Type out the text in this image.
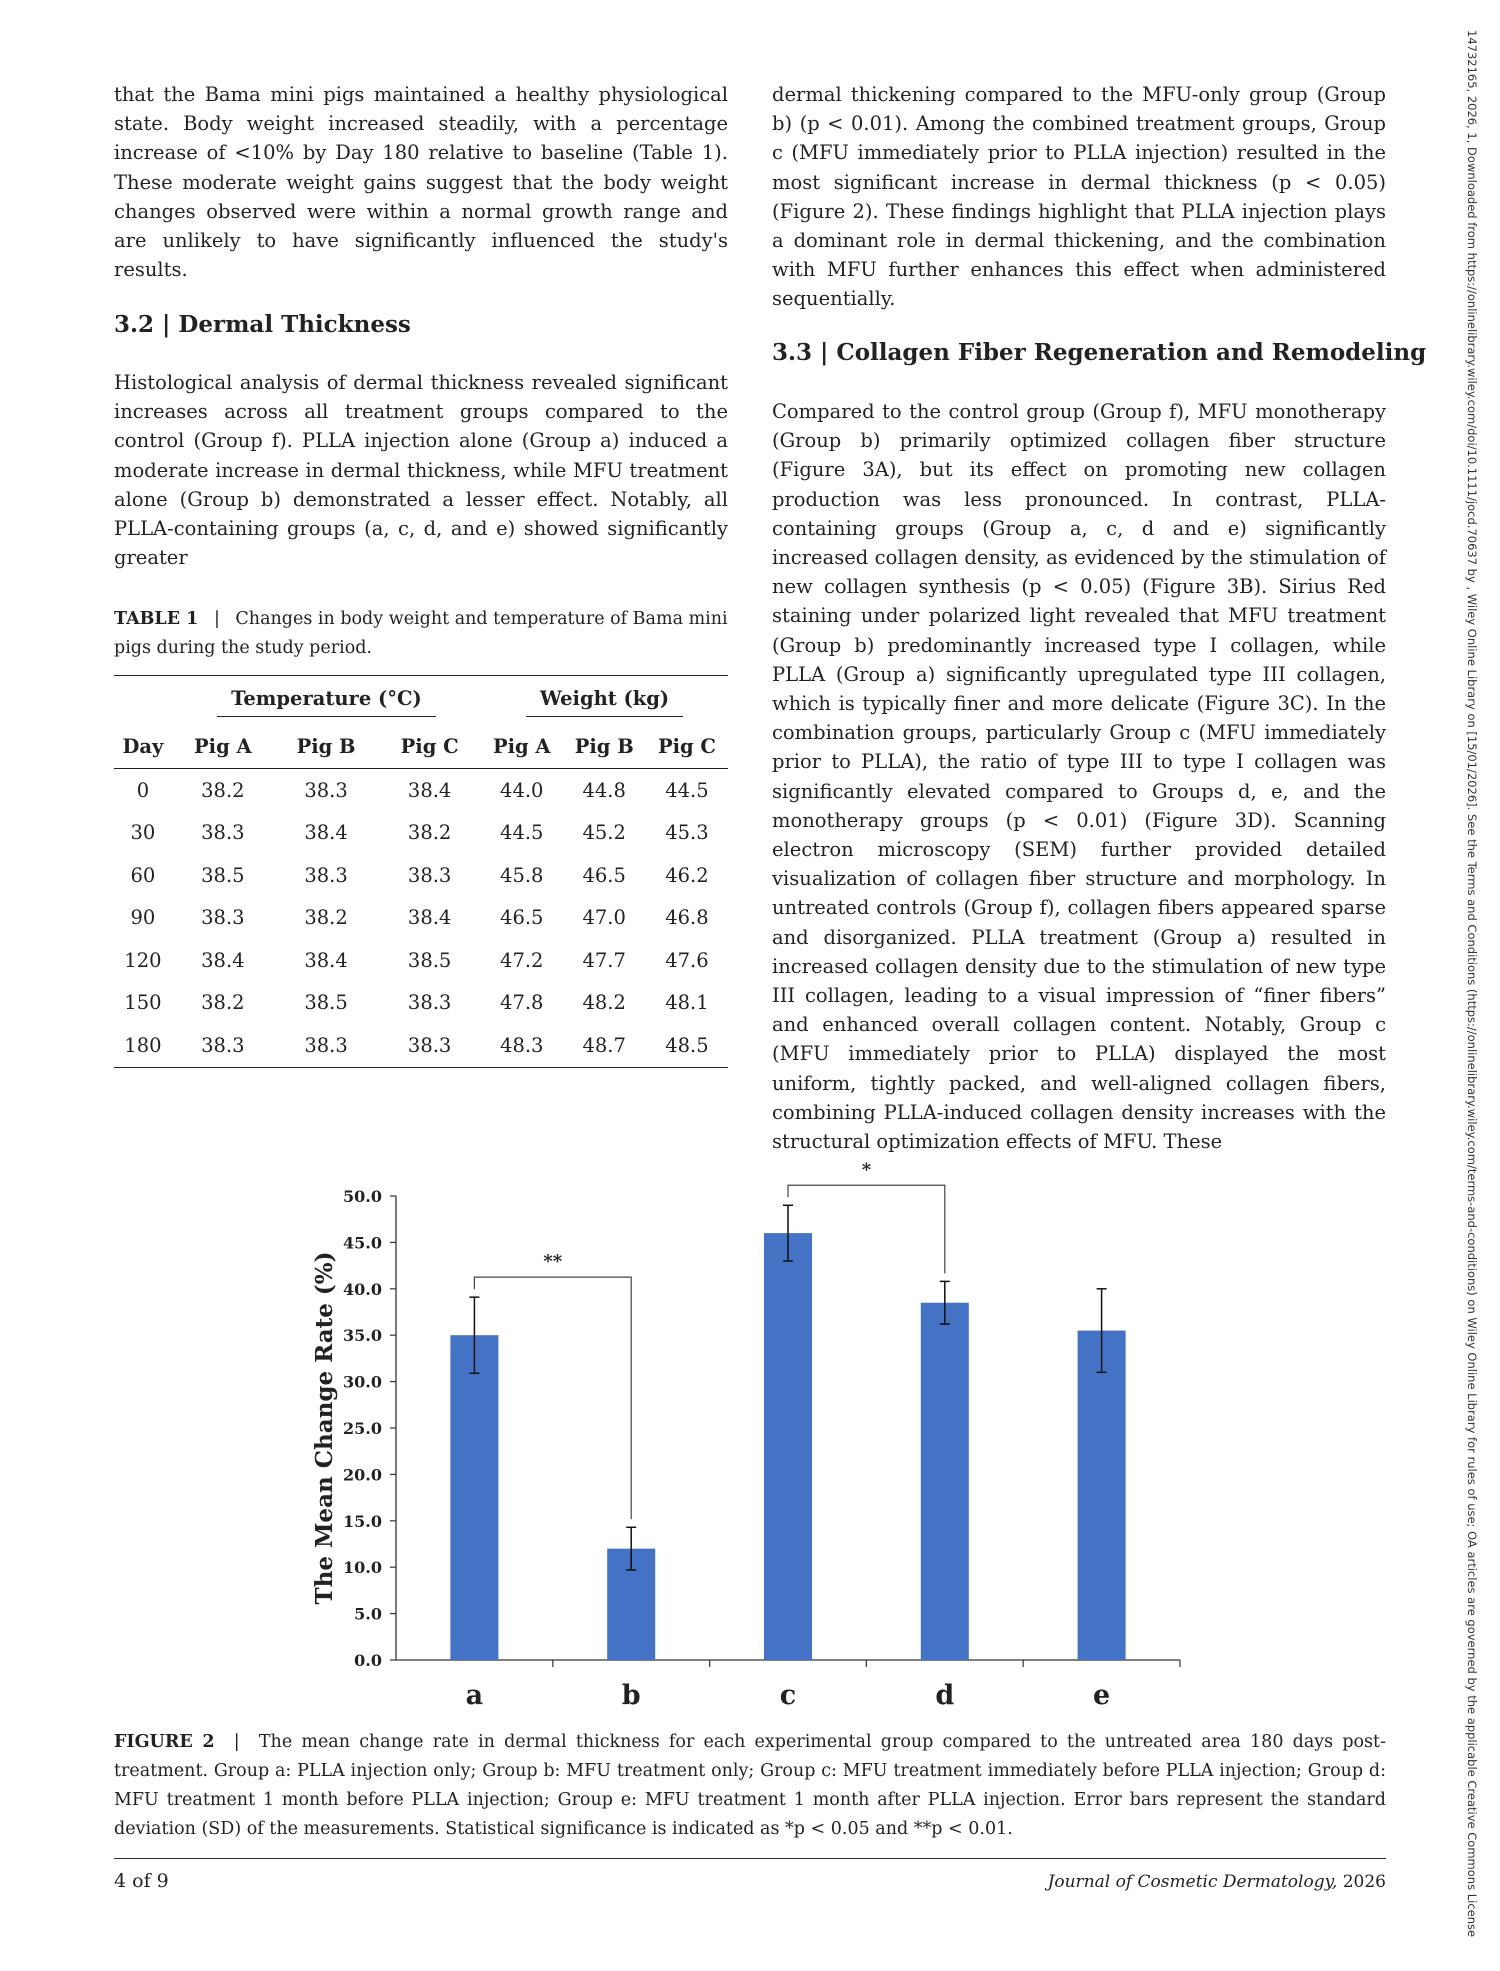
14732165, 2026, 1, Downloaded from https://onlinelibrary.wiley.com/doi/10.1111/jocd.70637 by , Wiley Online Library on [15/01/2026]. See the Terms and Conditions (https://onlinelibrary.wiley.com/terms-and-conditions) on Wiley Online Library for rules of use; OA articles are governed by the applicable Creative Commons License

that the Bama mini pigs maintained a healthy physiological state. Body weight increased steadily, with a percentage increase of <10% by Day 180 relative to baseline (Table 1). These moderate weight gains suggest that the body weight changes observed were within a normal growth range and are unlikely to have significantly influenced the study's results.

3.2 | Dermal Thickness

Histological analysis of dermal thickness revealed significant increases across all treatment groups compared to the control (Group f). PLLA injection alone (Group a) induced a moderate increase in dermal thickness, while MFU treatment alone (Group b) demonstrated a lesser effect. Notably, all PLLA-containing groups (a, c, d, and e) showed significantly greater

TABLE 1 | Changes in body weight and temperature of Bama mini pigs during the study period.
	Temperature (°C)			Weight (kg)		
Day	Pig A	Pig B	Pig C	Pig A	Pig B	Pig C
0	38.2	38.3	38.4	44.0	44.8	44.5
30	38.3	38.4	38.2	44.5	45.2	45.3
60	38.5	38.3	38.3	45.8	46.5	46.2
90	38.3	38.2	38.4	46.5	47.0	46.8
120	38.4	38.4	38.5	47.2	47.7	47.6
150	38.2	38.5	38.3	47.8	48.2	48.1
180	38.3	38.3	38.3	48.3	48.7	48.5

dermal thickening compared to the MFU-only group (Group b) (p < 0.01). Among the combined treatment groups, Group c (MFU immediately prior to PLLA injection) resulted in the most significant increase in dermal thickness (p < 0.05) (Figure 2). These findings highlight that PLLA injection plays a dominant role in dermal thickening, and the combination with MFU further enhances this effect when administered sequentially.

3.3 | Collagen Fiber Regeneration and Remodeling

Compared to the control group (Group f), MFU monotherapy (Group b) primarily optimized collagen fiber structure (Figure 3A), but its effect on promoting new collagen production was less pronounced. In contrast, PLLA-containing groups (Group a, c, d and e) significantly increased collagen density, as evidenced by the stimulation of new collagen synthesis (p < 0.05) (Figure 3B). Sirius Red staining under polarized light revealed that MFU treatment (Group b) predominantly increased type I collagen, while PLLA (Group a) significantly upregulated type III collagen, which is typically finer and more delicate (Figure 3C). In the combination groups, particularly Group c (MFU immediately prior to PLLA), the ratio of type III to type I collagen was significantly elevated compared to Groups d, e, and the monotherapy groups (p < 0.01) (Figure 3D). Scanning electron microscopy (SEM) further provided detailed visualization of collagen fiber structure and morphology. In untreated controls (Group f), collagen fibers appeared sparse and disorganized. PLLA treatment (Group a) resulted in increased collagen density due to the stimulation of new type III collagen, leading to a visual impression of “finer fibers” and enhanced overall collagen content. Notably, Group c (MFU immediately prior to PLLA) displayed the most uniform, tightly packed, and well-aligned collagen fibers, combining PLLA-induced collagen density increases with the structural optimization effects of MFU. These

0.0
5.0
10.0
15.0
20.0
25.0
30.0
35.0
40.0
45.0
50.0
The Mean Change Rate (%)
a	b	c	d	e
**
*
FIGURE 2 | The mean change rate in dermal thickness for each experimental group compared to the untreated area 180 days post-treatment. Group a: PLLA injection only; Group b: MFU treatment only; Group c: MFU treatment immediately before PLLA injection; Group d: MFU treatment 1 month before PLLA injection; Group e: MFU treatment 1 month after PLLA injection. Error bars represent the standard deviation (SD) of the measurements. Statistical significance is indicated as *p < 0.05 and **p < 0.01.
4 of 9	Journal of Cosmetic Dermatology, 2026
